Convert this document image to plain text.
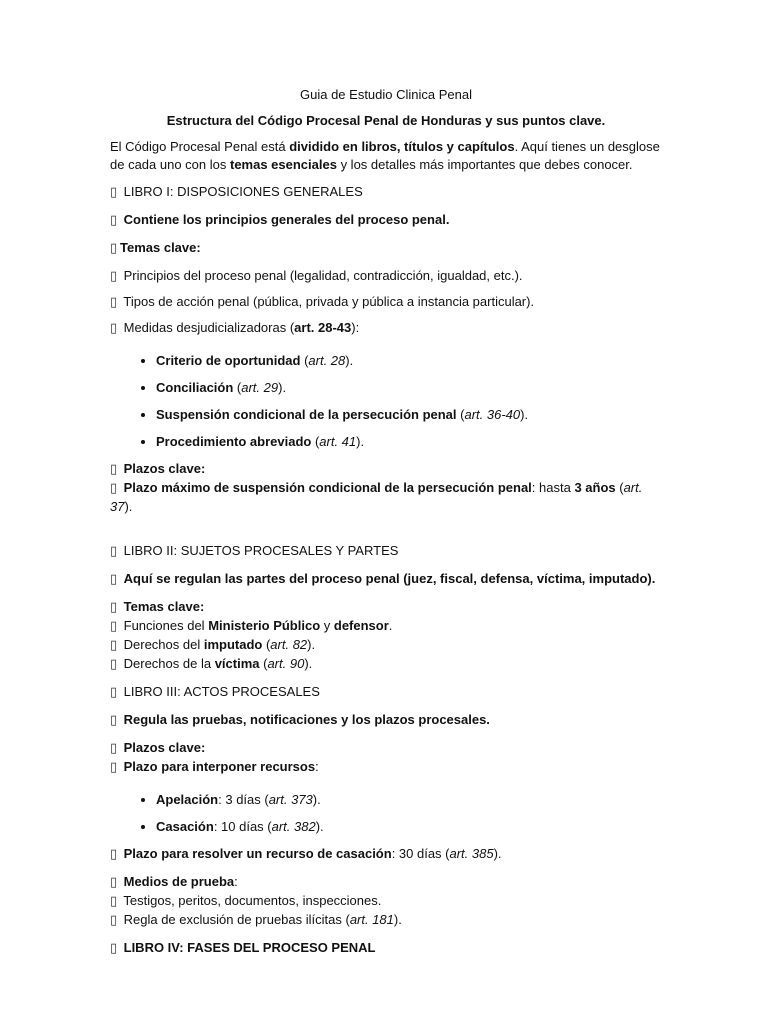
Guia de Estudio Clinica Penal

Estructura del Código Procesal Penal de Honduras y sus puntos clave.

El Código Procesal Penal está dividido en libros, títulos y capítulos. Aquí tienes un desglose de cada uno con los temas esenciales y los detalles más importantes que debes conocer.

▯ LIBRO I: DISPOSICIONES GENERALES

▯ Contiene los principios generales del proceso penal.

▯ Temas clave:

▯ Principios del proceso penal (legalidad, contradicción, igualdad, etc.).

▯ Tipos de acción penal (pública, privada y pública a instancia particular).

▯ Medidas desjudicializadoras (art. 28-43):

• Criterio de oportunidad (art. 28).
• Conciliación (art. 29).
• Suspensión condicional de la persecución penal (art. 36-40).
• Procedimiento abreviado (art. 41).

▯ Plazos clave:

▯ Plazo máximo de suspensión condicional de la persecución penal: hasta 3 años (art. 37).

▯ LIBRO II: SUJETOS PROCESALES Y PARTES

▯ Aquí se regulan las partes del proceso penal (juez, fiscal, defensa, víctima, imputado).

▯ Temas clave:

▯ Funciones del Ministerio Público y defensor.

▯ Derechos del imputado (art. 82).

▯ Derechos de la víctima (art. 90).

▯ LIBRO III: ACTOS PROCESALES

▯ Regula las pruebas, notificaciones y los plazos procesales.

▯ Plazos clave:

▯ Plazo para interponer recursos:

• Apelación: 3 días (art. 373).
• Casación: 10 días (art. 382).

▯ Plazo para resolver un recurso de casación: 30 días (art. 385).

▯ Medios de prueba:

▯ Testigos, peritos, documentos, inspecciones.

▯ Regla de exclusión de pruebas ilícitas (art. 181).

▯ LIBRO IV: FASES DEL PROCESO PENAL
